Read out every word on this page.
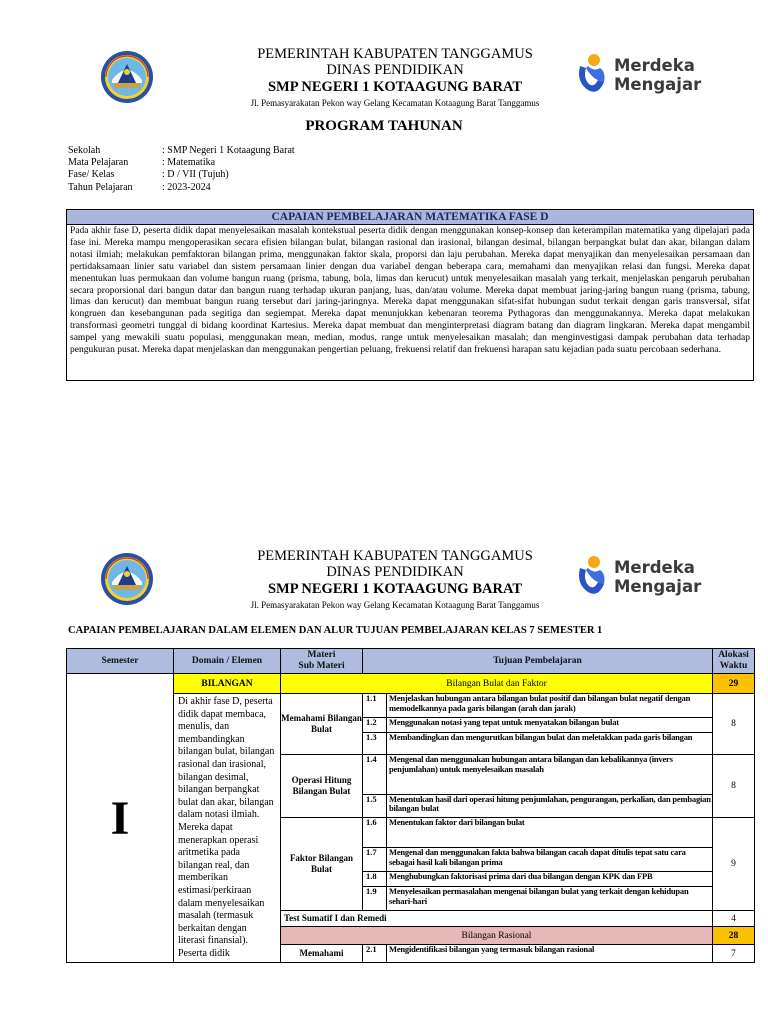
PEMERINTAH KABUPATEN TANGGAMUS
DINAS PENDIDIKAN
SMP NEGERI 1 KOTAAGUNG BARAT
Jl. Pemasyarakatan Pekon way Gelang Kecamatan Kotaagung Barat Tanggamus
Merdeka
Mengajar
PROGRAM TAHUNAN
Sekolah	: SMP Negeri 1 Kotaagung Barat
Mata Pelajaran	: Matematika
Fase/ Kelas	: D / VII (Tujuh)
Tahun Pelajaran	: 2023-2024
CAPAIAN PEMBELAJARAN MATEMATIKA FASE D
Pada akhir fase D, peserta didik dapat menyelesaikan masalah kontekstual peserta didik dengan menggunakan konsep-konsep dan keterampilan matematika yang dipelajari pada fase ini. Mereka mampu mengoperasikan secara efisien bilangan bulat, bilangan rasional dan irasional, bilangan desimal, bilangan berpangkat bulat dan akar, bilangan dalam notasi ilmiah; melakukan pemfaktoran bilangan prima, menggunakan faktor skala, proporsi dan laju perubahan. Mereka dapat menyajikan dan menyelesaikan persamaan dan pertidaksamaan linier satu variabel dan sistem persamaan linier dengan dua variabel dengan beberapa cara, memahami dan menyajikan relasi dan fungsi. Mereka dapat menentukan luas permukaan dan volume bangun ruang (prisma, tabung, bola, limas dan kerucut) untuk menyelesaikan masalah yang terkait, menjelaskan pengaruh perubahan secara proporsional dari bangun datar dan bangun ruang terhadap ukuran panjang, luas, dan/atau volume. Mereka dapat membuat jaring-jaring bangun ruang (prisma, tabung, limas dan kerucut) dan membuat bangun ruang tersebut dari jaring-jaringnya. Mereka dapat menggunakan sifat-sifat hubungan sudut terkait dengan garis transversal, sifat kongruen dan kesebangunan pada segitiga dan segiempat. Mereka dapat menunjukkan kebenaran teorema Pythagoras dan menggunakannya. Mereka dapat melakukan transformasi geometri tunggal di bidang koordinat Kartesius. Mereka dapat membuat dan menginterpretasi diagram batang dan diagram lingkaran. Mereka dapat mengambil sampel yang mewakili suatu populasi, menggunakan mean, median, modus, range untuk menyelesaikan masalah; dan menginvestigasi dampak perubahan data terhadap pengukuran pusat. Mereka dapat menjelaskan dan menggunakan pengertian peluang, frekuensi relatif dan frekuensi harapan satu kejadian pada suatu percobaan sederhana.
PEMERINTAH KABUPATEN TANGGAMUS
DINAS PENDIDIKAN
SMP NEGERI 1 KOTAAGUNG BARAT
Jl. Pemasyarakatan Pekon way Gelang Kecamatan Kotaagung Barat Tanggamus
Merdeka
Mengajar
CAPAIAN PEMBELAJARAN DALAM ELEMEN DAN ALUR TUJUAN PEMBELAJARAN KELAS 7 SEMESTER 1
Semester	Domain / Elemen	Materi
Sub Materi	Tujuan Pembelajaran		Alokasi Waktu
I	BILANGAN	Bilangan Bulat dan Faktor			29
	Di akhir fase D, peserta didik dapat membaca, menulis, dan membandingkan bilangan bulat, bilangan rasional dan irasional, bilangan desimal, bilangan berpangkat bulat dan akar, bilangan dalam notasi ilmiah. Mereka dapat menerapkan operasi aritmetika pada bilangan real, dan memberikan estimasi/perkiraan dalam menyelesaikan masalah (termasuk berkaitan dengan literasi finansial). Peserta didik	Memahami Bilangan Bulat	1.1	Menjelaskan hubungan antara bilangan bulat positif dan bilangan bulat negatif dengan memodelkannya pada garis bilangan (arah dan jarak)	8
			1.2	Menggunakan notasi yang tepat untuk menyatakan bilangan bulat	
			1.3	Membandingkan dan mengurutkan bilangan bulat dan meletakkan pada garis bilangan	
		Operasi Hitung Bilangan Bulat	1.4	Mengenal dan menggunakan hubungan antara bilangan dan kebalikannya (invers penjumlahan) untuk menyelesaikan masalah	8
			1.5	Menentukan hasil dari operasi hitung penjumlahan, pengurangan, perkalian, dan pembagian bilangan bulat	
		Faktor Bilangan Bulat	1.6	Menentukan faktor dari bilangan bulat	9
			1.7	Mengenal dan menggunakan fakta bahwa bilangan cacah dapat ditulis tepat satu cara sebagai hasil kali bilangan prima	
			1.8	Menghubungkan faktorisasi prima dari dua bilangan dengan KPK dan FPB	
			1.9	Menyelesaikan permasalahan mengenai bilangan bulat yang terkait dengan kehidupan sehari-hari	
		Test Sumatif I dan Remedi			4
		Bilangan Rasional			28
		Memahami	2.1	Mengidentifikasi bilangan yang termasuk bilangan rasional	7
